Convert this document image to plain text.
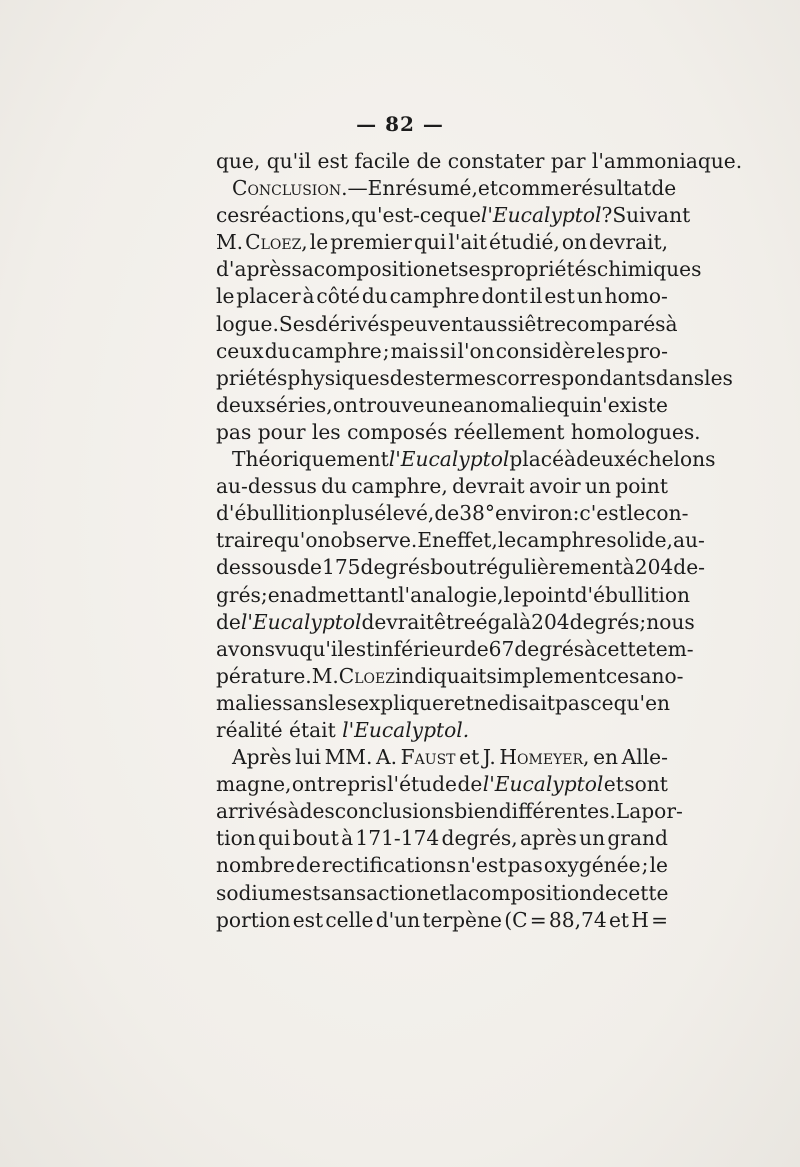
— 82 —
que, qu'il est facile de constater par l'ammoniaque.
Conclusion. — En résumé, et comme résultat de
ces réactions, qu'est-ce que l'Eucalyptol ? Suivant
M. Cloez, le premier qui l'ait étudié, on devrait,
d'après sa composition et ses propriétés chimiques
le placer à côté du camphre dont il est un homo-
logue. Ses dérivés peuvent aussi être comparés à
ceux du camphre ; mais si l'on considère les pro-
priétés physiques des termes correspondants dans les
deux séries, on trouve une anomalie qui n'existe
pas pour les composés réellement homologues.
Théoriquement l'Eucalyptol placé à deux échelons
au-dessus du camphre, devrait avoir un point
d'ébullition plus élevé, de 38° environ : c'est le con-
traire qu'on observe. En effet, le camphre solide, au-
dessous de 175 degrés bout régulièrement à 204 de-
grés ; en admettant l'analogie, le point d'ébullition
de l'Eucalyptol devrait être égal à 204 degrés ; nous
avons vu qu'il est inférieur de 67 degrés à cette tem-
pérature. M. Cloez indiquait simplement ces ano-
malies sans les expliquer et ne disait pas ce qu'en
réalité était l'Eucalyptol.
Après lui MM. A. Faust et J. Homeyer, en Alle-
magne, ont repris l'étude de l'Eucalyptol et sont
arrivés à des conclusions bien différentes. La por-
tion qui bout à 171-174 degrés, après un grand
nombre de rectifications n'est pas oxygénée ; le
sodium est sans action et la composition de cette
portion est celle d'un terpène (C = 88,74 et H =
